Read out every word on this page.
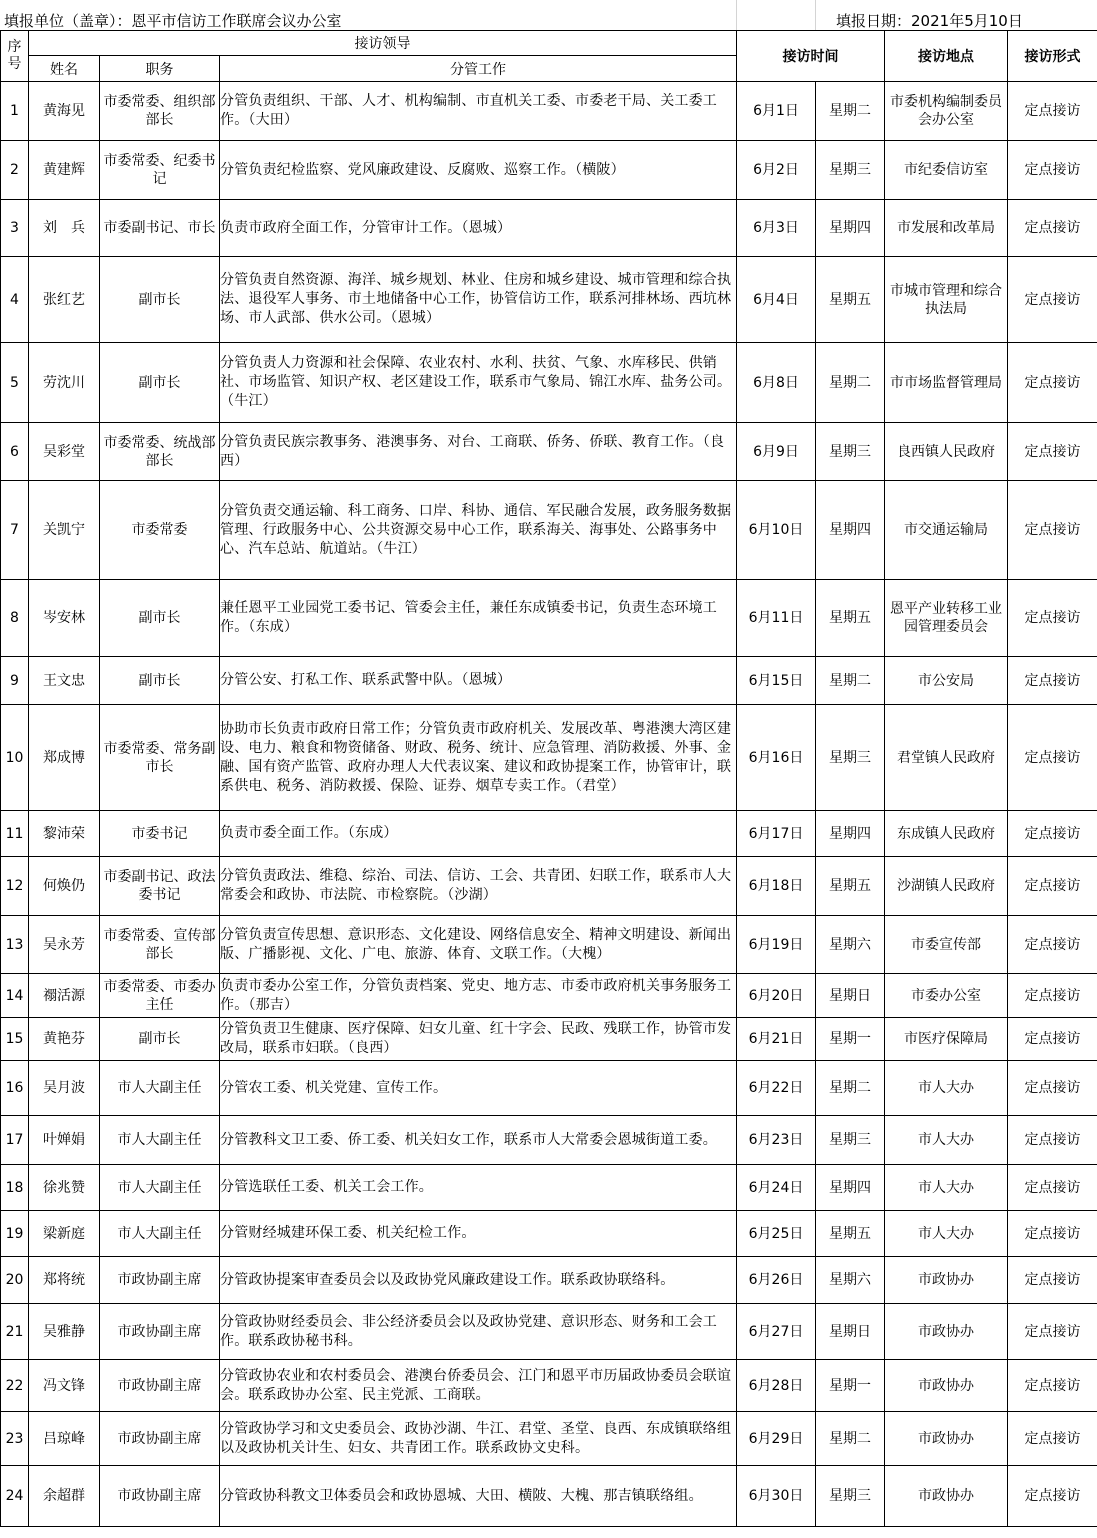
填报单位（盖章）：恩平市信访工作联席会议办公室	填报日期：2021年5月10日
序号	接访领导			接访时间		接访地点	接访形式
	姓名	职务	分管工作				
1	黄海见	市委常委、组织部部长	分管负责组织、干部、人才、机构编制、市直机关工委、市委老干局、关工委工作。（大田）	6月1日	星期二	市委机构编制委员会办公室	定点接访
2	黄建辉	市委常委、纪委书记	分管负责纪检监察、党风廉政建设、反腐败、巡察工作。（横陂）	6月2日	星期三	市纪委信访室	定点接访
3	刘　兵	市委副书记、市长	负责市政府全面工作，分管审计工作。（恩城）	6月3日	星期四	市发展和改革局	定点接访
4	张红艺	副市长	分管负责自然资源、海洋、城乡规划、林业、住房和城乡建设、城市管理和综合执法、退役军人事务、市土地储备中心工作，协管信访工作，联系河排林场、西坑林场、市人武部、供水公司。（恩城）	6月4日	星期五	市城市管理和综合执法局	定点接访
5	劳沈川	副市长	分管负责人力资源和社会保障、农业农村、水利、扶贫、气象、水库移民、供销社、市场监管、知识产权、老区建设工作，联系市气象局、锦江水库、盐务公司。（牛江）	6月8日	星期二	市市场监督管理局	定点接访
6	吴彩堂	市委常委、统战部部长	分管负责民族宗教事务、港澳事务、对台、工商联、侨务、侨联、教育工作。（良西）	6月9日	星期三	良西镇人民政府	定点接访
7	关凯宁	市委常委	分管负责交通运输、科工商务、口岸、科协、通信、军民融合发展，政务服务数据管理、行政服务中心、公共资源交易中心工作，联系海关、海事处、公路事务中心、汽车总站、航道站。（牛江）	6月10日	星期四	市交通运输局	定点接访
8	岑安林	副市长	兼任恩平工业园党工委书记、管委会主任，兼任东成镇委书记，负责生态环境工作。（东成）	6月11日	星期五	恩平产业转移工业园管理委员会	定点接访
9	王文忠	副市长	分管公安、打私工作、联系武警中队。（恩城）	6月15日	星期二	市公安局	定点接访
10	郑成博	市委常委、常务副市长	协助市长负责市政府日常工作；分管负责市政府机关、发展改革、粤港澳大湾区建设、电力、粮食和物资储备、财政、税务、统计、应急管理、消防救援、外事、金融、国有资产监管、政府办理人大代表议案、建议和政协提案工作，协管审计，联系供电、税务、消防救援、保险、证券、烟草专卖工作。（君堂）	6月16日	星期三	君堂镇人民政府	定点接访
11	黎沛荣	市委书记	负责市委全面工作。（东成）	6月17日	星期四	东成镇人民政府	定点接访
12	何焕仍	市委副书记、政法委书记	分管负责政法、维稳、综治、司法、信访、工会、共青团、妇联工作，联系市人大常委会和政协、市法院、市检察院。（沙湖）	6月18日	星期五	沙湖镇人民政府	定点接访
13	吴永芳	市委常委、宣传部部长	分管负责宣传思想、意识形态、文化建设、网络信息安全、精神文明建设、新闻出版、广播影视、文化、广电、旅游、体育、文联工作。（大槐）	6月19日	星期六	市委宣传部	定点接访
14	禤活源	市委常委、市委办主任	负责市委办公室工作，分管负责档案、党史、地方志、市委市政府机关事务服务工作。（那吉）	6月20日	星期日	市委办公室	定点接访
15	黄艳芬	副市长	分管负责卫生健康、医疗保障、妇女儿童、红十字会、民政、残联工作，协管市发改局，联系市妇联。（良西）	6月21日	星期一	市医疗保障局	定点接访
16	吴月波	市人大副主任	分管农工委、机关党建、宣传工作。	6月22日	星期二	市人大办	定点接访
17	叶婵娟	市人大副主任	分管教科文卫工委、侨工委、机关妇女工作，联系市人大常委会恩城街道工委。	6月23日	星期三	市人大办	定点接访
18	徐兆赞	市人大副主任	分管选联任工委、机关工会工作。	6月24日	星期四	市人大办	定点接访
19	梁新庭	市人大副主任	分管财经城建环保工委、机关纪检工作。	6月25日	星期五	市人大办	定点接访
20	郑将统	市政协副主席	分管政协提案审查委员会以及政协党风廉政建设工作。联系政协联络科。	6月26日	星期六	市政协办	定点接访
21	吴雅静	市政协副主席	分管政协财经委员会、非公经济委员会以及政协党建、意识形态、财务和工会工作。联系政协秘书科。	6月27日	星期日	市政协办	定点接访
22	冯文锋	市政协副主席	分管政协农业和农村委员会、港澳台侨委员会、江门和恩平市历届政协委员会联谊会。联系政协办公室、民主党派、工商联。	6月28日	星期一	市政协办	定点接访
23	吕琼峰	市政协副主席	分管政协学习和文史委员会、政协沙湖、牛江、君堂、圣堂、良西、东成镇联络组以及政协机关计生、妇女、共青团工作。联系政协文史科。	6月29日	星期二	市政协办	定点接访
24	余超群	市政协副主席	分管政协科教文卫体委员会和政协恩城、大田、横陂、大槐、那吉镇联络组。	6月30日	星期三	市政协办	定点接访
